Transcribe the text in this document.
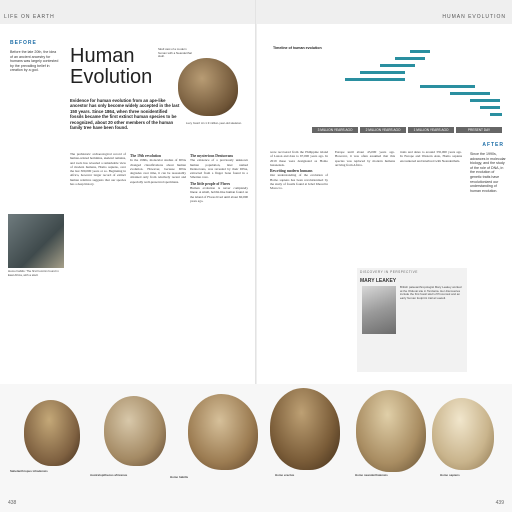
LIFE ON EARTH	HUMAN EVOLUTION
BEFORE
Before the late 20th, the idea of an ancient ancestry for humans was largely contested by the prevailing belief in creation by a god.
Human Evolution
Evidence for human evolution from an ape-like ancestor has only become widely accepted in the last 150 years. Since 1864, when three nonidentified fossils became the first extinct human species to be recognized, about 20 other members of the human family tree have been found.
Skull cast of a modern human with a Neanderthal skull.
Lucy fossil: An 1.9 million-year-old skeleton.
The prehistoric archaeological record of human-related hominins, skeletal remains, and tools has revealed a remarkable view of modern humans, Homo sapiens, over the last 300,000 years or so. Beginning in Africa, however larger record of extinct human relatives suggests that our species has a deep history.
The 19th revolution
In the 1960s, molecular studies of DNA changed classifications about human evolution. However, because DNA degrades over time, it can be reasonably obtained only from relatively recent and especially well-preserved specimens.
The mysterious Denisovans
The existence of a previously unknown human population, later named Denisovans, was revealed by their DNA, extracted from a finger bone found in a Siberian cave.
The little people of Flores
Human evolution is never completely linear. A small, hobbit-like human found on the island of Flores lived until about 60,000 years ago.
Homo habilis: The first hominin found in East Africa, with a skull.
Timeline of human evolution
3 MILLION YEARS AGO	2 MILLION YEARS AGO	1 MILLION YEARS AGO	PRESENT DAY
were recovered from the Philippine island of Luzon and date to 67,000 years ago. In 2019 these were designated as Homo luzonensis.
Rewriting modern humans
Our understanding of the evolution of Homo sapiens has been revolutionized by the study of fossils found at Jebel Irhoud in Morocco.
Europe until about 45,000 years ago. However, it was often assumed that this species was replaced by modern humans arriving from Africa.
traits and dates to around 335,000 years ago. In Europe and Western Asia, Homo sapiens encountered and interbred with Neanderthals.
DISCOVERY IN PERSPECTIVE
MARY LEAKEY
British paleoanthropologist Mary Leakey worked at the Olduvai site in Tanzania. Her discoveries include the first fossil skull of Proconsul and an early human footprint trail at Laetoli.
AFTER
Since the 1990s, advances in molecular biology, and the study of the role of DNA, in the evolution of genetic traits have revolutionized our understanding of human evolution.
Sahelanthropus tchadensis
Australopithecus africanus	Homo habilis	Homo erectus	Homo neanderthalensis	Homo sapiens
438	439
